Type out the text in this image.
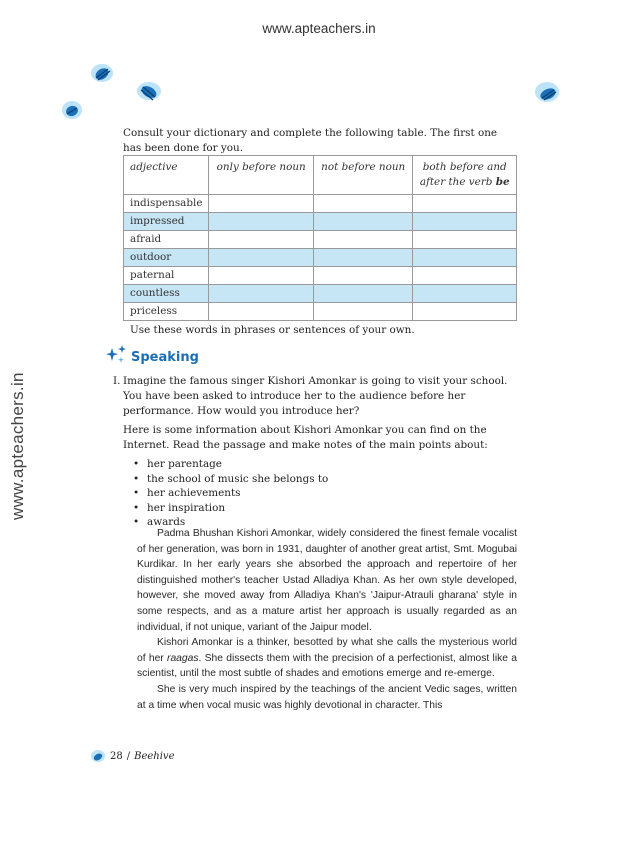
www.apteachers.in
www.apteachers.in
Consult your dictionary and complete the following table. The first one has been done for you.
adjective	only before noun	not before noun	both before and
after the verb be
indispensable			
impressed			
afraid			
outdoor			
paternal			
countless			
priceless			
Use these words in phrases or sentences of your own.
Speaking
I. Imagine the famous singer Kishori Amonkar is going to visit your school. You have been asked to introduce her to the audience before her performance. How would you introduce her?

Here is some information about Kishori Amonkar you can find on the Internet. Read the passage and make notes of the main points about:

• her parentage
• the school of music she belongs to
• her achievements
• her inspiration
• awards

Padma Bhushan Kishori Amonkar, widely considered the finest female vocalist of her generation, was born in 1931, daughter of another great artist, Smt. Mogubai Kurdikar. In her early years she absorbed the approach and repertoire of her distinguished mother's teacher Ustad Alladiya Khan. As her own style developed, however, she moved away from Alladiya Khan's 'Jaipur-Atrauli gharana' style in some respects, and as a mature artist her approach is usually regarded as an individual, if not unique, variant of the Jaipur model.

Kishori Amonkar is a thinker, besotted by what she calls the mysterious world of her raagas. She dissects them with the precision of a perfectionist, almost like a scientist, until the most subtle of shades and emotions emerge and re-emerge.

She is very much inspired by the teachings of the ancient Vedic sages, written at a time when vocal music was highly devotional in character. This

28 / Beehive
